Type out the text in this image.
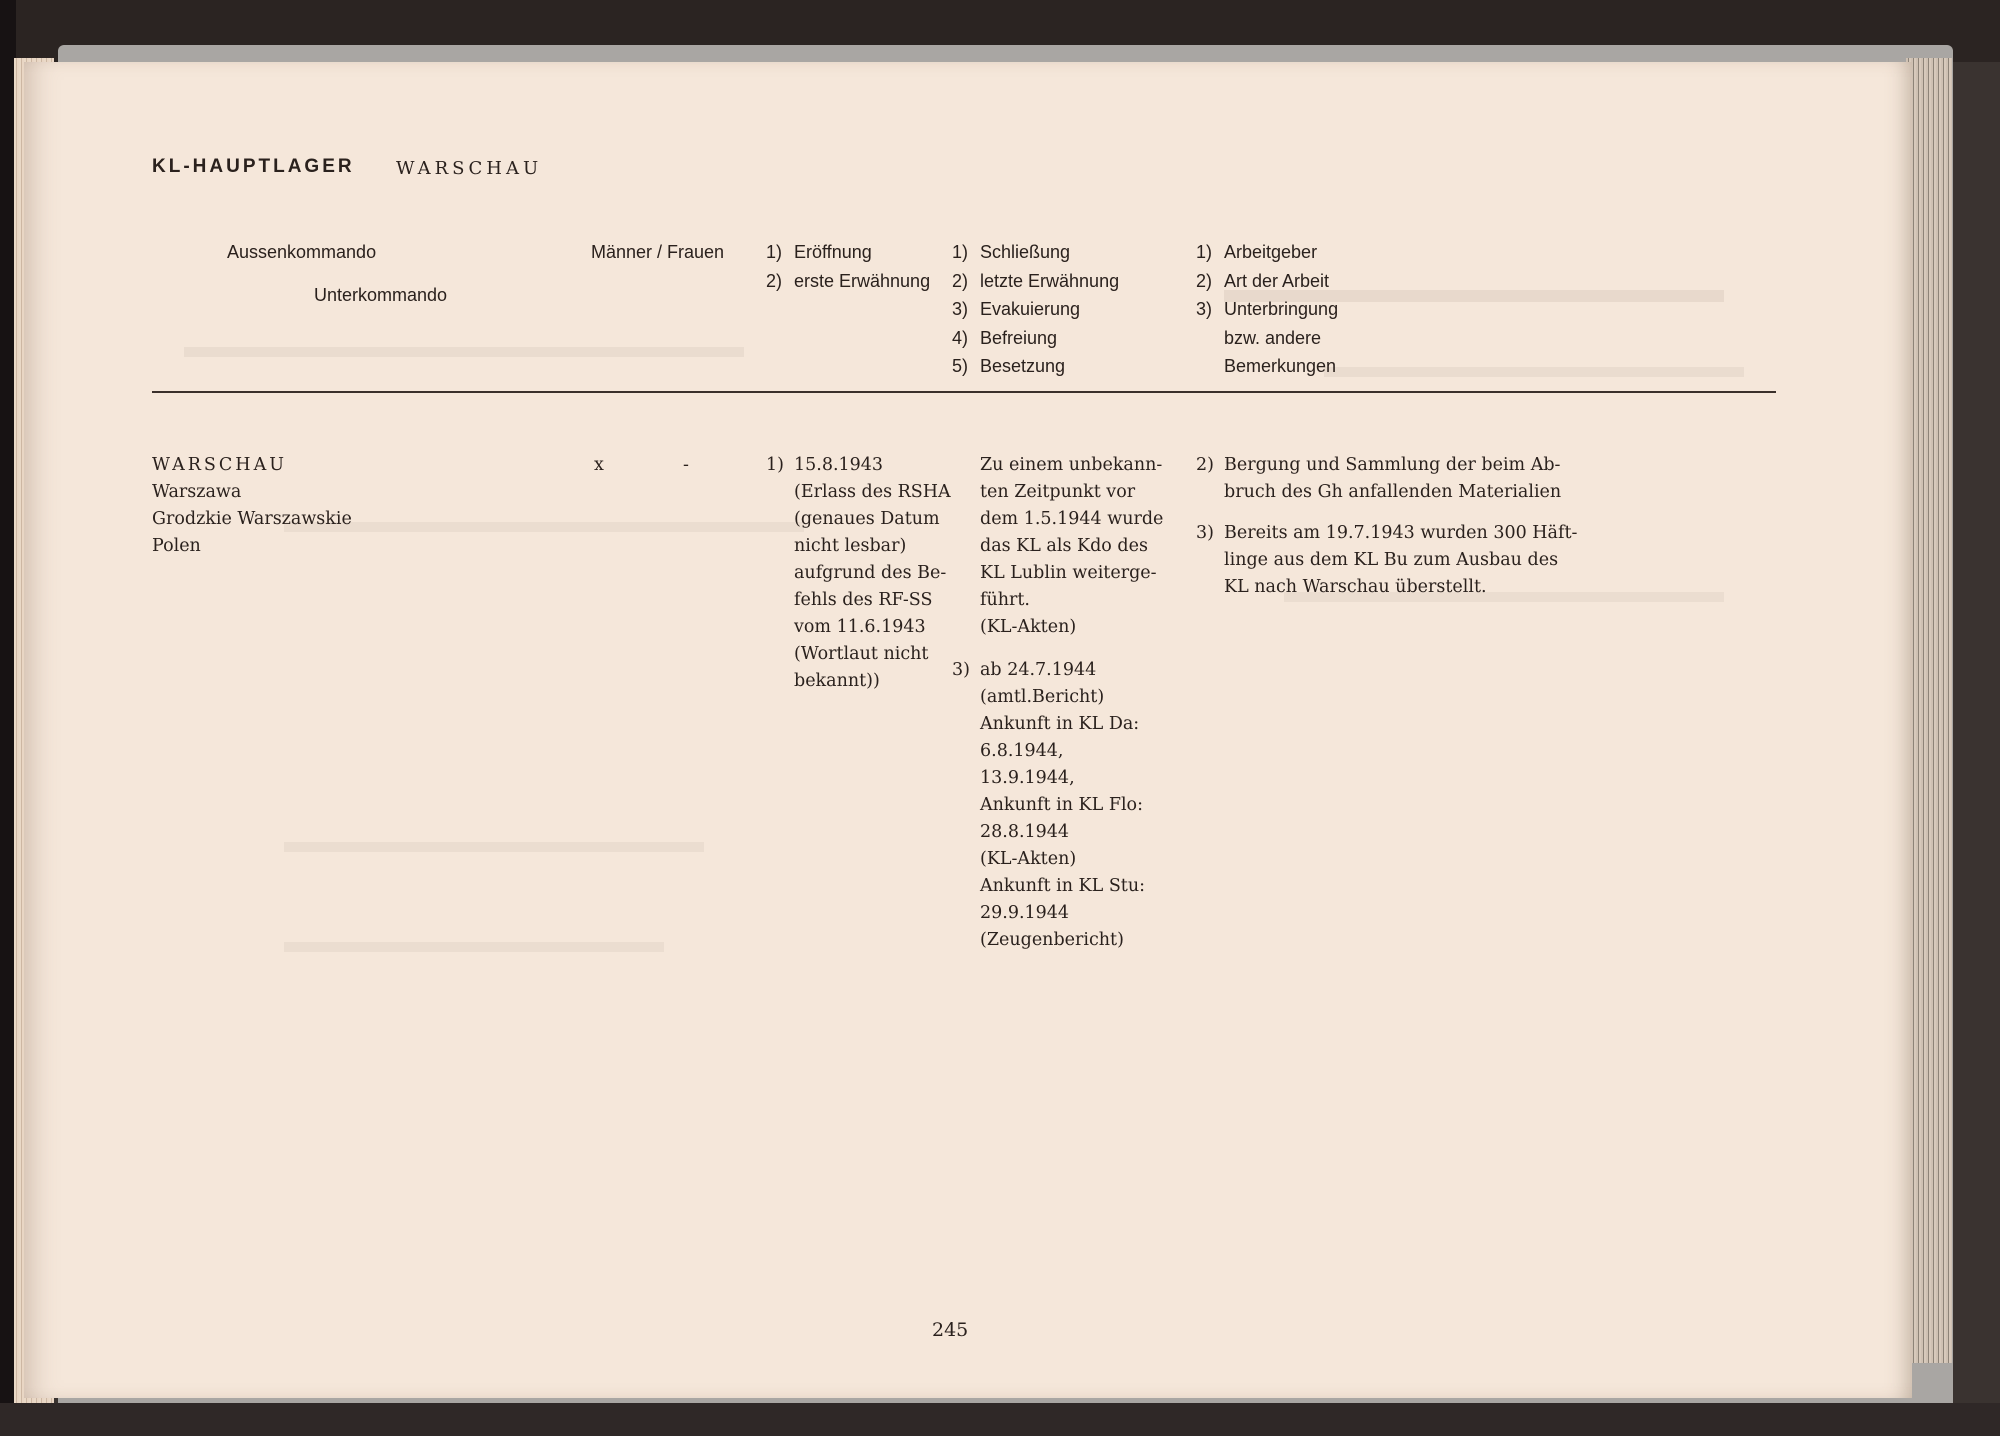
KL-HAUPTLAGER WARSCHAU
Aussenkommando
Unterkommando
Männer / Frauen 1) Eröffnung
2) erste Erwähnung
1) Schließung
2) letzte Erwähnung
3) Evakuierung
4) Befreiung
5) Besetzung
1) Arbeitgeber
2) Art der Arbeit
3) Unterbringung
bzw. andere
Bemerkungen
WARSCHAU
Warszawa
Grodzkie Warszawskie
Polen
x	-	1) 15.8.1943
(Erlass des RSHA
(genaues Datum
nicht lesbar)
aufgrund des Be-
fehls des RF-SS
vom 11.6.1943
(Wortlaut nicht
bekannt))
Zu einem unbekann-
ten Zeitpunkt vor
dem 1.5.1944 wurde
das KL als Kdo des
KL Lublin weiterge-
führt.
(KL-Akten)
3) ab 24.7.1944
(amtl.Bericht)
Ankunft in KL Da:
6.8.1944,
13.9.1944,
Ankunft in KL Flo:
28.8.1944
(KL-Akten)
Ankunft in KL Stu:
29.9.1944
(Zeugenbericht)
2) Bergung und Sammlung der beim Ab-
bruch des Gh anfallenden Materialien
3) Bereits am 19.7.1943 wurden 300 Häft-
linge aus dem KL Bu zum Ausbau des
KL nach Warschau überstellt.
245
